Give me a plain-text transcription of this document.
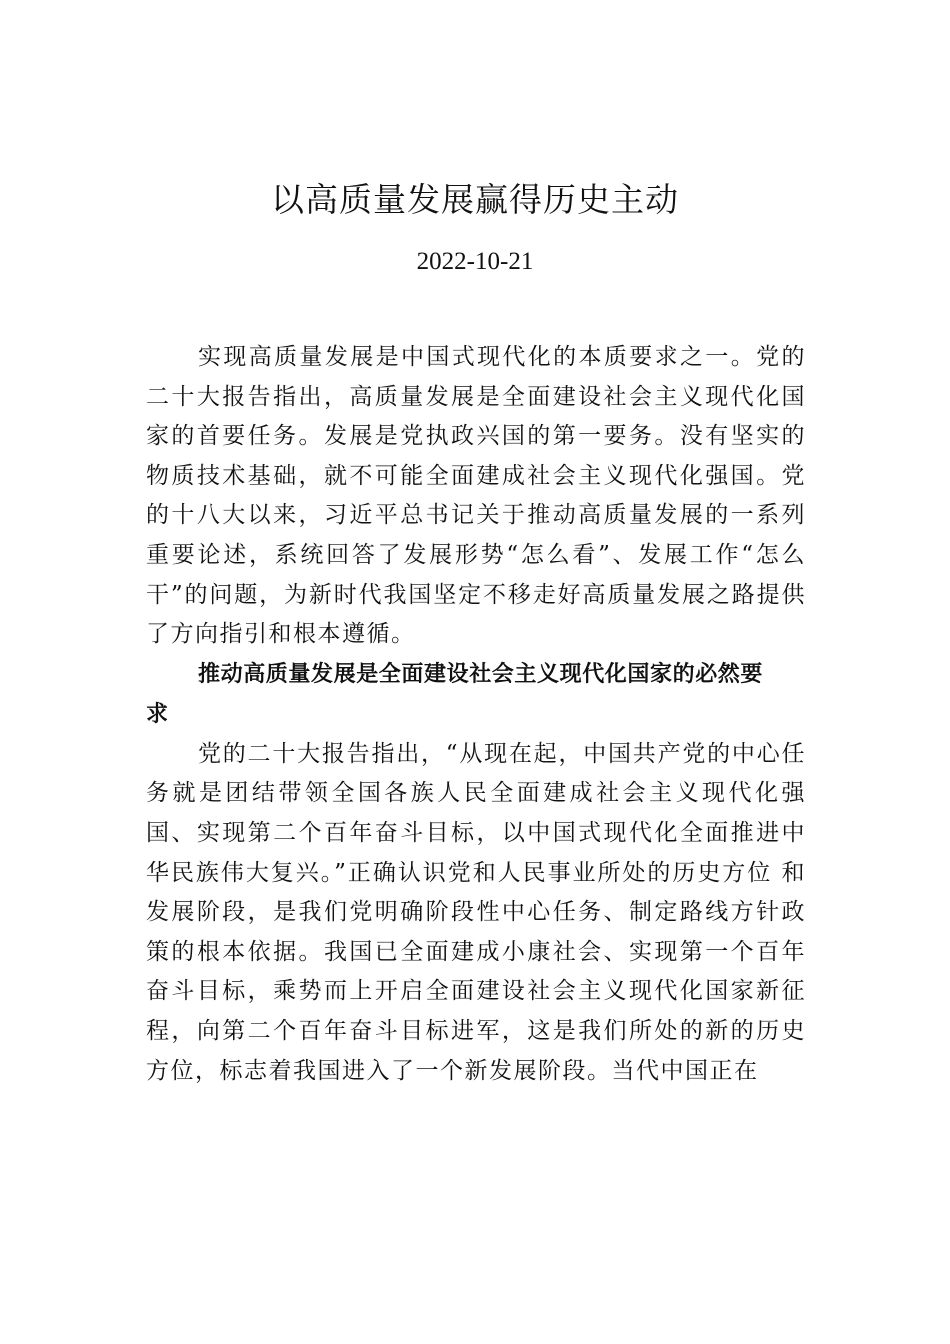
以高质量发展赢得历史主动
2022-10-21

实现高质量发展是中国式现代化的本质要求之一。党的二十大报告指出，高质量发展是全面建设社会主义现代化国家的首要任务。发展是党执政兴国的第一要务。没有坚实的物质技术基础，就不可能全面建成社会主义现代化强国。党的十八大以来，习近平总书记关于推动高质量发展的一系列重要论述，系统回答了发展形势“怎么看”、发展工作“怎么干”的问题，为新时代我国坚定不移走好高质量发展之路提供了方向指引和根本遵循。

推动高质量发展是全面建设社会主义现代化国家的必然要求

党的二十大报告指出，“从现在起，中国共产党的中心任务就是团结带领全国各族人民全面建成社会主义现代化强国、实现第二个百年奋斗目标，以中国式现代化全面推进中华民族伟大复兴。”正确认识党和人民事业所处的历史方位 和发展阶段，是我们党明确阶段性中心任务、制定路线方针政策的根本依据。我国已全面建成小康社会、实现第一个百年奋斗目标，乘势而上开启全面建设社会主义现代化国家新征程，向第二个百年奋斗目标进军，这是我们所处的新的历史方位，标志着我国进入了一个新发展阶段。当代中国正在
